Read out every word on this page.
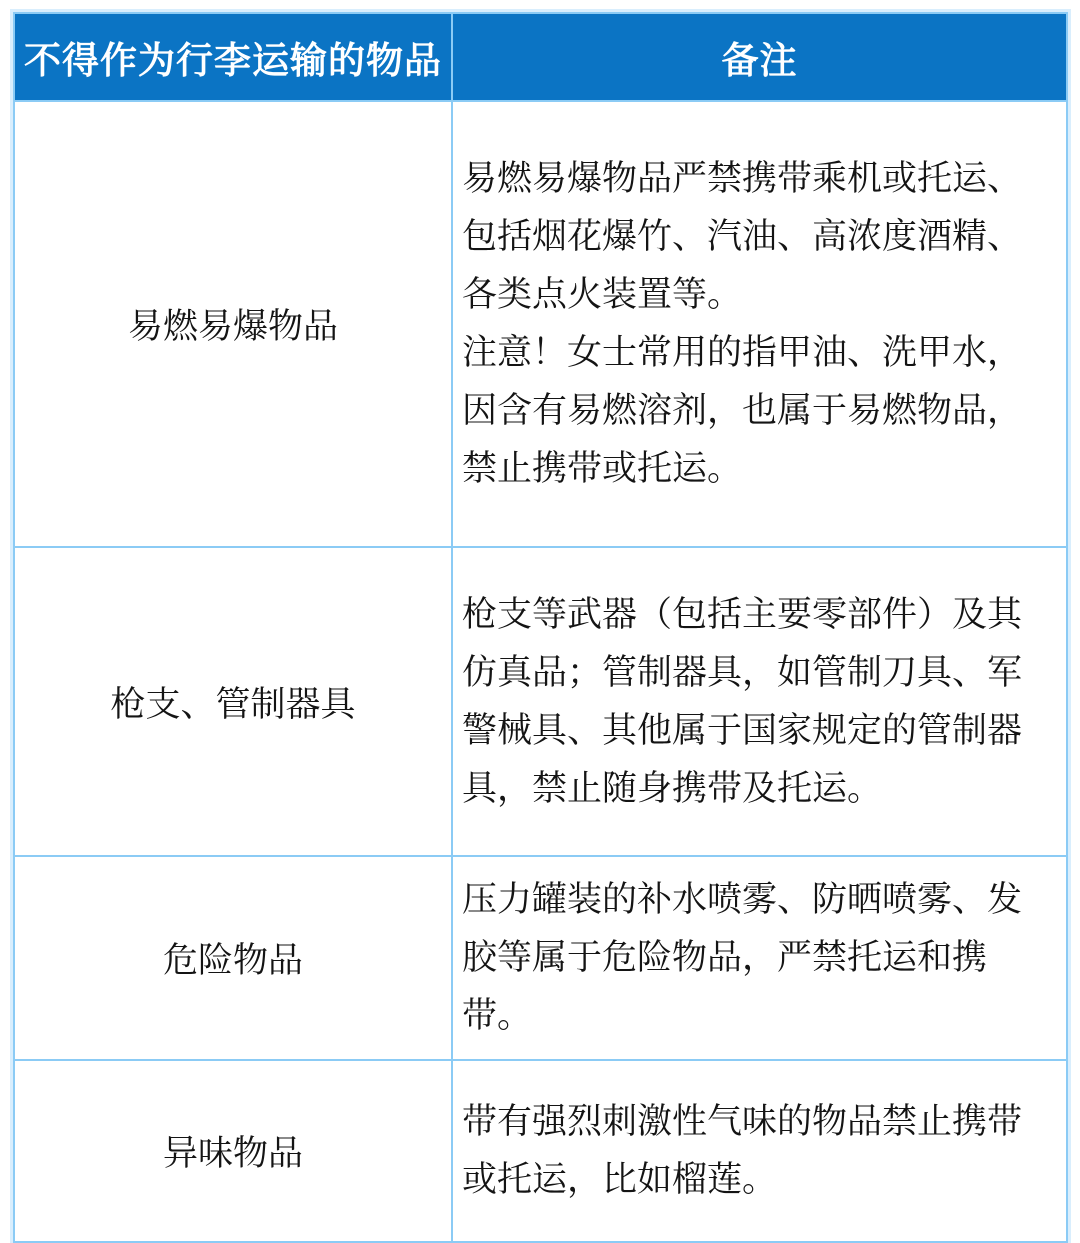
不得作为行李运输的物品	备注
易燃易爆物品	易燃易爆物品严禁携带乘机或托运、包括烟花爆竹、汽油、高浓度酒精、各类点火装置等。

注意！女士常用的指甲油、洗甲水，因含有易燃溶剂，也属于易燃物品，禁止携带或托运。

枪支、管制器具	枪支等武器（包括主要零部件）及其仿真品；管制器具，如管制刀具、军警械具、其他属于国家规定的管制器具，禁止随身携带及托运。

危险物品	压力罐装的补水喷雾、防晒喷雾、发胶等属于危险物品，严禁托运和携带。

异味物品	带有强烈刺激性气味的物品禁止携带或托运，比如榴莲。
